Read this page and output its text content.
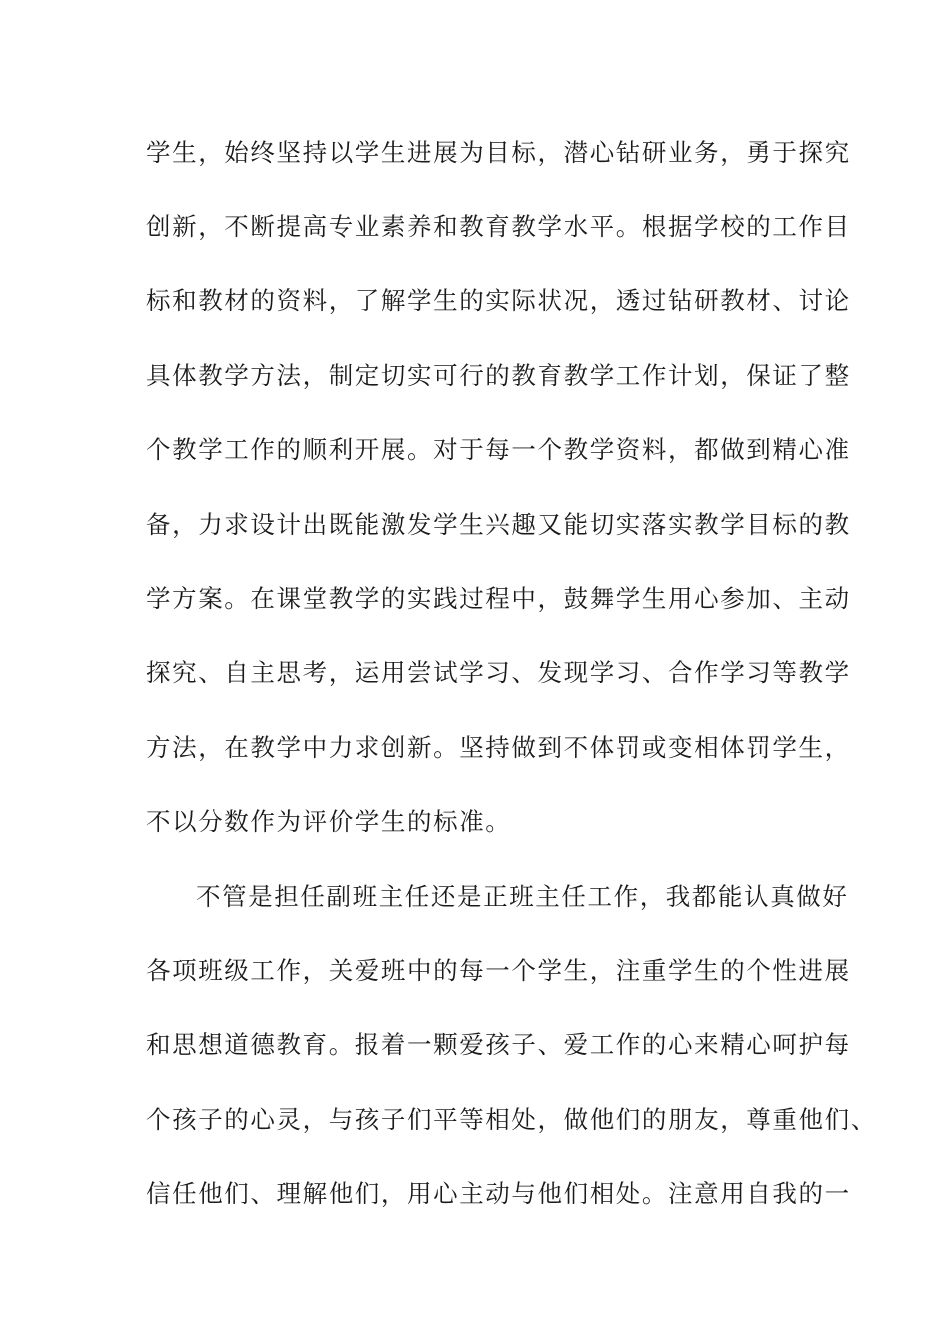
学生，始终坚持以学生进展为目标，潜心钻研业务，勇于探究
创新，不断提高专业素养和教育教学水平。根据学校的工作目
标和教材的资料，了解学生的实际状况，透过钻研教材、讨论
具体教学方法，制定切实可行的教育教学工作计划，保证了整
个教学工作的顺利开展。对于每一个教学资料，都做到精心准
备，力求设计出既能激发学生兴趣又能切实落实教学目标的教
学方案。在课堂教学的实践过程中，鼓舞学生用心参加、主动
探究、自主思考，运用尝试学习、发现学习、合作学习等教学
方法，在教学中力求创新。坚持做到不体罚或变相体罚学生，
不以分数作为评价学生的标准。
不管是担任副班主任还是正班主任工作，我都能认真做好
各项班级工作，关爱班中的每一个学生，注重学生的个性进展
和思想道德教育。报着一颗爱孩子、爱工作的心来精心呵护每
个孩子的心灵，与孩子们平等相处，做他们的朋友，尊重他们、
信任他们、理解他们，用心主动与他们相处。注意用自我的一
